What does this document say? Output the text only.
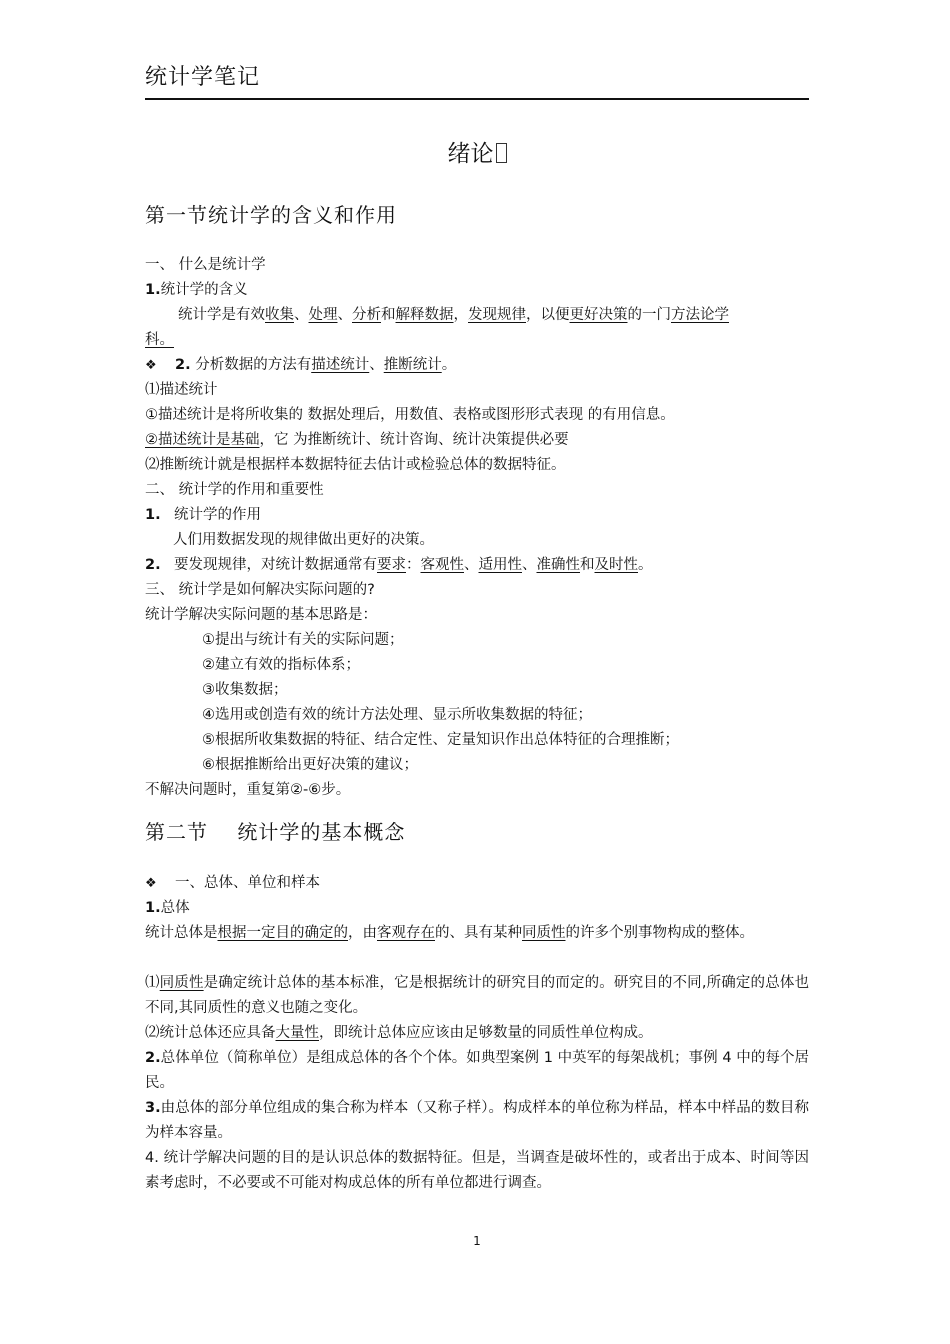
统计学笔记
绪论
第一节统计学的含义和作用
一、 什么是统计学
1.统计学的含义
统计学是有效收集、处理、分析和解释数据，发现规律，以便更好决策的一门方法论学
科。
❖ 2. 分析数据的方法有描述统计、推断统计。
⑴描述统计
①描述统计是将所收集的 数据处理后，用数值、表格或图形形式表现 的有用信息。
②描述统计是基础，它 为推断统计、统计咨询、统计决策提供必要
⑵推断统计就是根据样本数据特征去估计或检验总体的数据特征。
二、 统计学的作用和重要性
1. 统计学的作用
人们用数据发现的规律做出更好的决策。
2. 要发现规律，对统计数据通常有要求：客观性、适用性、准确性和及时性。
三、 统计学是如何解决实际问题的?
统计学解决实际问题的基本思路是：
①提出与统计有关的实际问题；
②建立有效的指标体系；
③收集数据；
④选用或创造有效的统计方法处理、显示所收集数据的特征；
⑤根据所收集数据的特征、结合定性、定量知识作出总体特征的合理推断；
⑥根据推断给出更好决策的建议；
不解决问题时，重复第②-⑥步。
第二节    统计学的基本概念
❖ 一、总体、单位和样本
1.总体
统计总体是根据一定目的确定的，由客观存在的、具有某种同质性的许多个别事物构成的整体。
⑴同质性是确定统计总体的基本标准，它是根据统计的研究目的而定的。研究目的不同,所确定的总体也不同,其同质性的意义也随之变化。
⑵统计总体还应具备大量性，即统计总体应应该由足够数量的同质性单位构成。
2.总体单位（简称单位）是组成总体的各个个体。如典型案例 1 中英军的每架战机；事例 4 中的每个居民。
3.由总体的部分单位组成的集合称为样本（又称子样）。构成样本的单位称为样品，样本中样品的数目称为样本容量。
4. 统计学解决问题的目的是认识总体的数据特征。但是，当调查是破坏性的，或者出于成本、时间等因素考虑时，不必要或不可能对构成总体的所有单位都进行调查。
1
